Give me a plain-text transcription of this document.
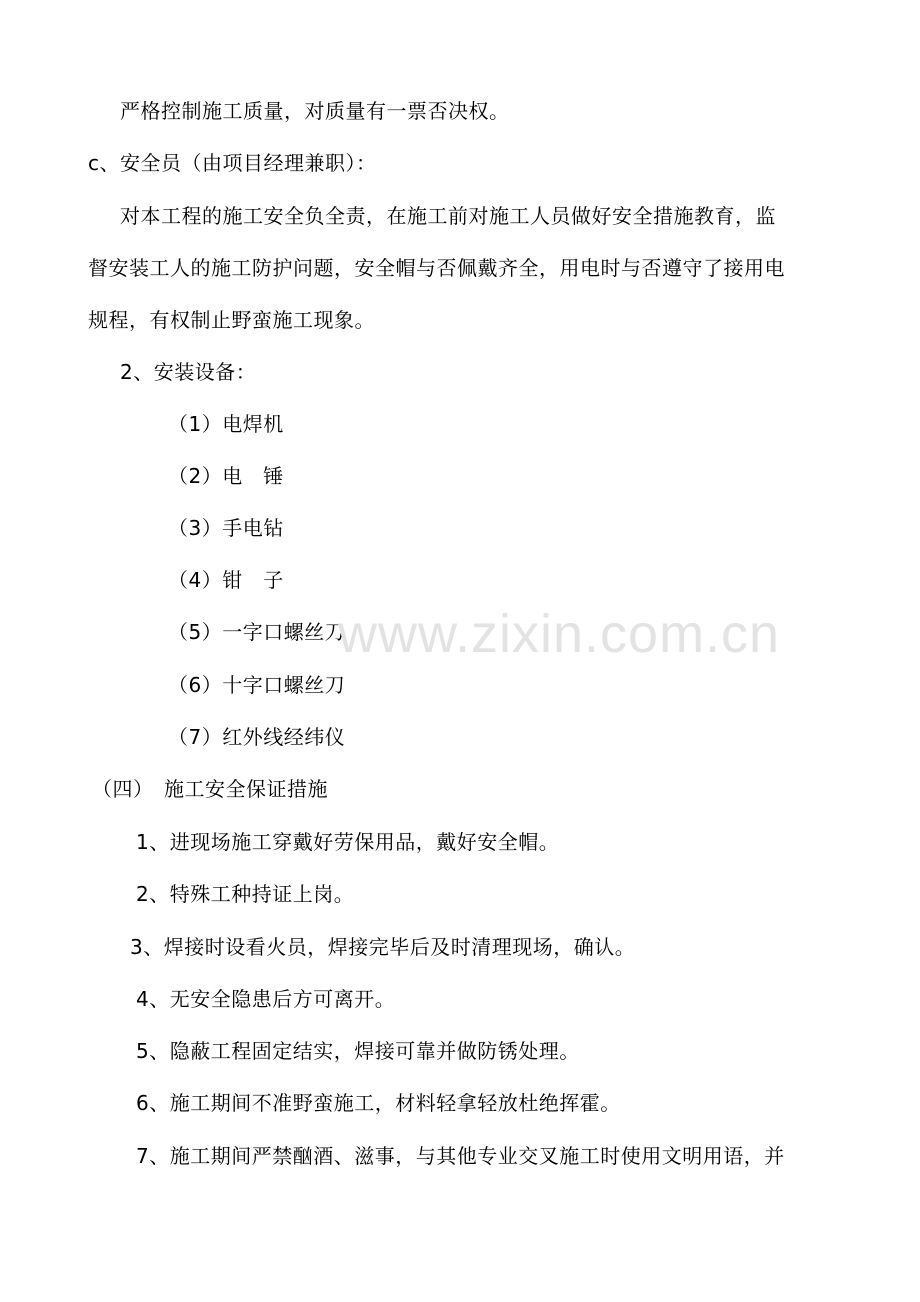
严格控制施工质量，对质量有一票否决权。
c、安全员（由项目经理兼职）：
对本工程的施工安全负全责，在施工前对施工人员做好安全措施教育，监
督安装工人的施工防护问题，安全帽与否佩戴齐全，用电时与否遵守了接用电
规程，有权制止野蛮施工现象。
2、安装设备：
（1）电焊机
（2）电　锤
（3）手电钻
（4）钳　子
（5）一字口螺丝刀
（6）十字口螺丝刀
（7）红外线经纬仪
（四）　施工安全保证措施
1、进现场施工穿戴好劳保用品，戴好安全帽。
2、特殊工种持证上岗。
3、焊接时设看火员，焊接完毕后及时清理现场，确认。
4、无安全隐患后方可离开。
5、隐蔽工程固定结实，焊接可靠并做防锈处理。
6、施工期间不准野蛮施工，材料轻拿轻放杜绝挥霍。
7、施工期间严禁酗酒、滋事，与其他专业交叉施工时使用文明用语，并
www.zixin.com.cn
